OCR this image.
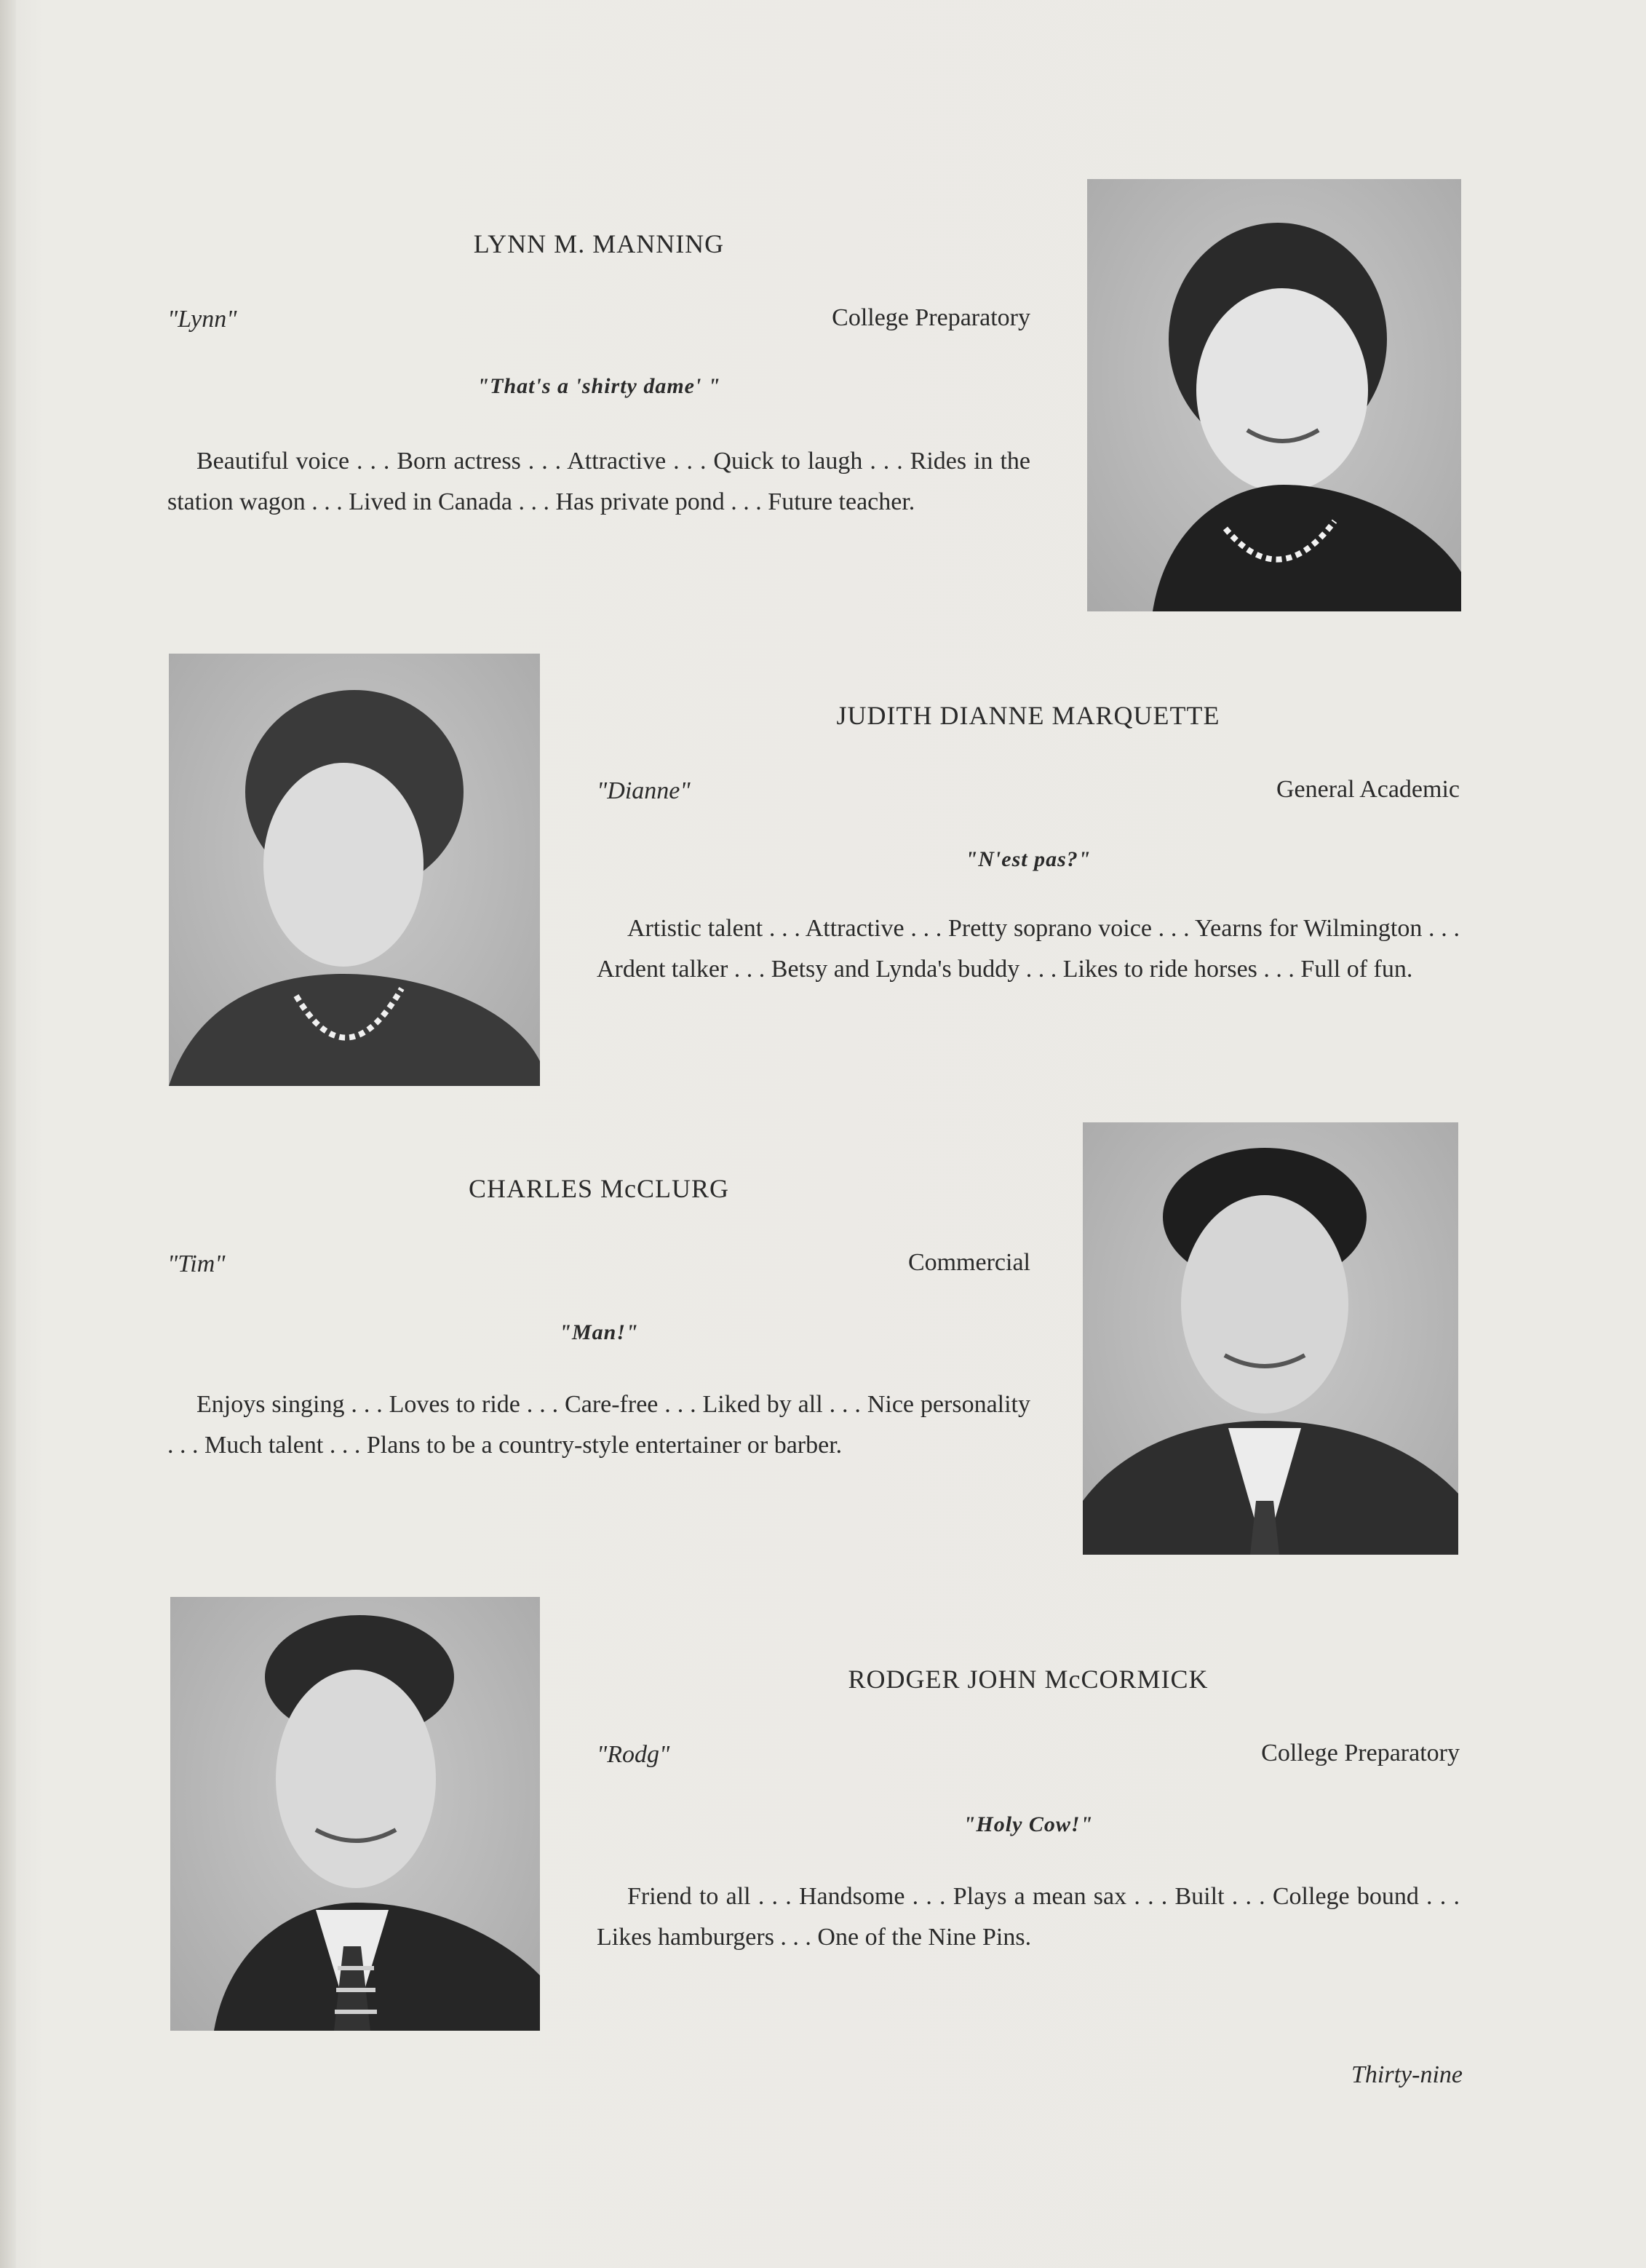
LYNN M. MANNING
"Lynn"	College Preparatory
"That's a 'shirty dame' "

Beautiful voice . . . Born actress . . . Attractive . . . Quick to laugh . . . Rides in the station wagon . . . Lived in Canada . . . Has private pond . . . Future teacher.

JUDITH DIANNE MARQUETTE
"Dianne"	General Academic
"N'est pas?"

Artistic talent . . . Attractive . . . Pretty soprano voice . . . Yearns for Wilmington . . . Ardent talker . . . Betsy and Lynda's buddy . . . Likes to ride horses . . . Full of fun.

CHARLES McCLURG
"Tim"	Commercial
"Man!"

Enjoys singing . . . Loves to ride . . . Care-free . . . Liked by all . . . Nice personality . . . Much talent . . . Plans to be a country-style entertainer or barber.

RODGER JOHN McCORMICK
"Rodg"	College Preparatory
"Holy Cow!"

Friend to all . . . Handsome . . . Plays a mean sax . . . Built . . . College bound . . . Likes hamburgers . . . One of the Nine Pins.

Thirty-nine
